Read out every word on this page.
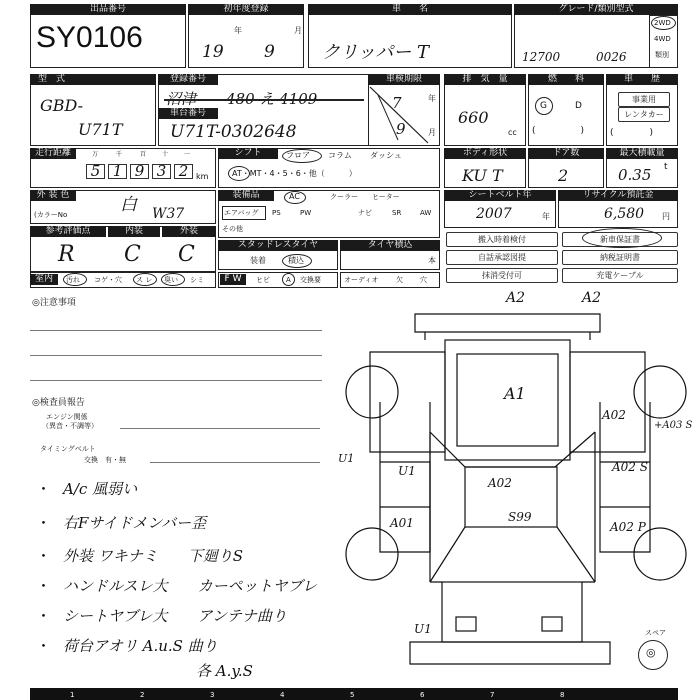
出品番号
SY0106
初年度登録
年	月
19 9
車　　名
クリッパー T
グレード/類別型式
2WD
4WD
類別
12700	0026
型　式
GBD-
U71T
登録番号
沼津 480 え 4109
車台番号
U71T-0302648
車検期限
年
月
7
9
排　気　量
660
cc
燃　　料
G	D
(　　　　　)
車　　歴
事業用
レンタカー
(　　　　)
走行距離	万	千	百	十	一
5 1 9 3 2 km
シフト	フロア コラム ダッシュ
AT・MT・4・5・6・他（　　　）
ボディ形状
KU T
ドア数
2
最大積載量
0.35 t
外 装 色	白
(カラーNo	W37
装備品	AC	クーラー ヒーター
エアバッグ PS	PW	ナビ	SR	AW
その他
シートベルト年
2007	年
リサイクル預託金
6,580 円
参考評価点	内装	外装
R C C	スタッドレスタイヤ
装着	積込
タイヤ積込
本
搬入時着検付	新車保証書
自話承認図提	納税証明書
抹消受付可	充電ケーブル
室内	汚れ コゲ・穴 ス レ 臭い シミ	F W	ヒビ A 交換要	オーディオ	欠 穴
◎注意事項
◎検査員報告
エンジン関係
（異音・不調等）
タイミングベルト
交換　有・無
・ A/c 風弱い
・ 右Fサイドメンバー歪
・ 外装 ワキナミ　　下廻りS
・ ハンドルスレ大　　カーペットヤブレ
・ シートヤブレ大　　アンテナ曲り
・ 荷台アオリ A.u.S 曲り
各 A.y.S
A2	A2
A1
A02
A02
A02 S
+A03 S
A02 P
U1
U1
A01	S99
U1	スペア
◎
1	2	3	4	5	6	7	8
